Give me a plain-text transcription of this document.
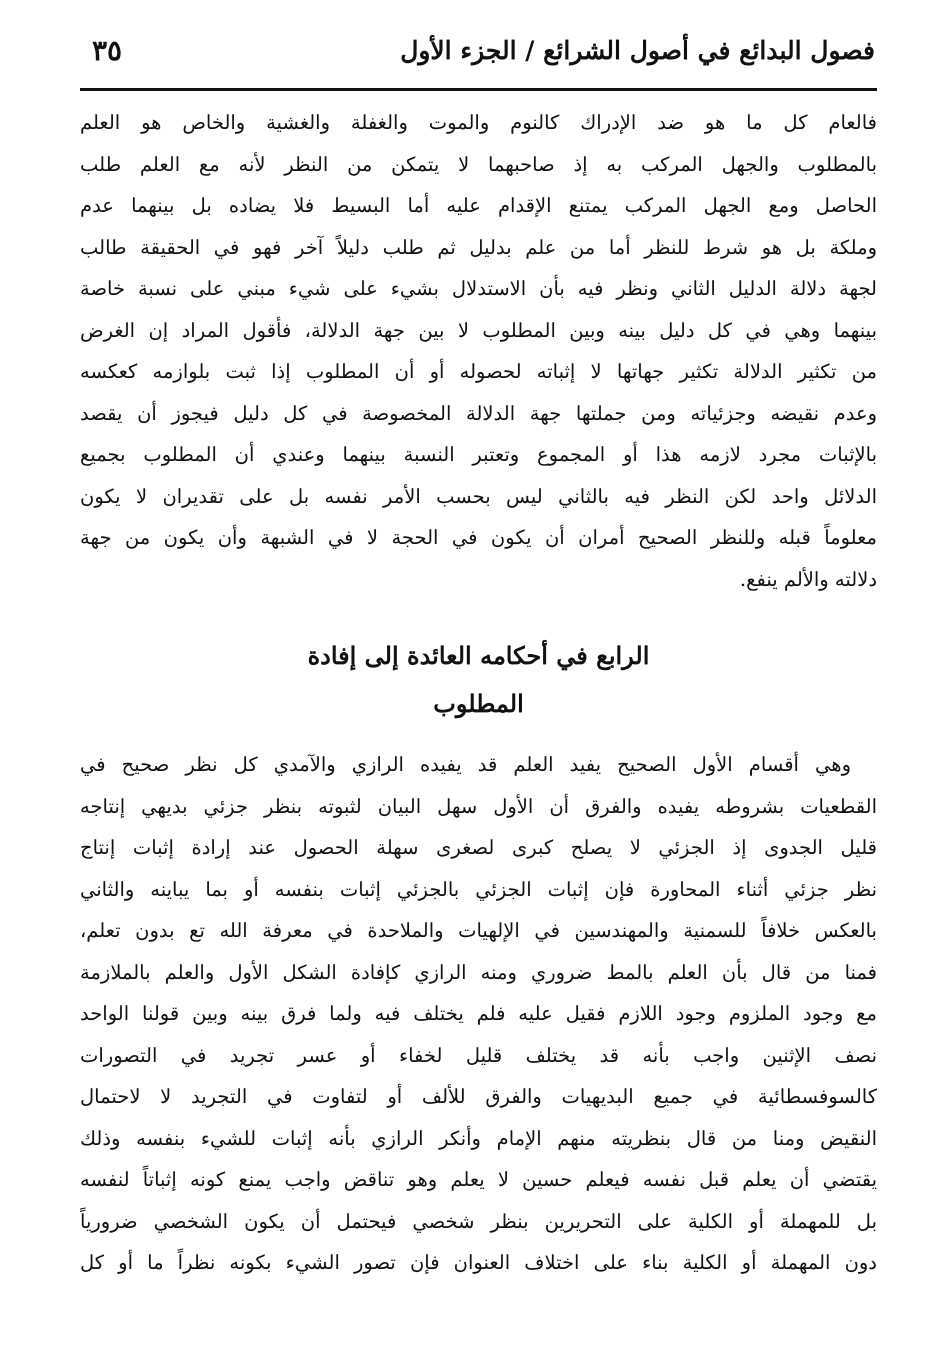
فصول البدائع في أصول الشرائع / الجزء الأول
٣٥
فالعام كل ما هو ضد الإدراك كالنوم والموت والغفلة والغشية والخاص هو العلم
بالمطلوب والجهل المركب به إذ صاحبهما لا يتمكن من النظر لأنه مع العلم طلب
الحاصل ومع الجهل المركب يمتنع الإقدام عليه أما البسيط فلا يضاده بل بينهما عدم
وملكة بل هو شرط للنظر أما من علم بدليل ثم طلب دليلاً آخر فهو في الحقيقة طالب
لجهة دلالة الدليل الثاني ونظر فيه بأن الاستدلال بشيء على شيء مبني على نسبة خاصة
بينهما وهي في كل دليل بينه وبين المطلوب لا بين جهة الدلالة، فأقول المراد إن الغرض
من تكثير الدلالة تكثير جهاتها لا إثباته لحصوله أو أن المطلوب إذا ثبت بلوازمه كعكسه
وعدم نقيضه وجزئياته ومن جملتها جهة الدلالة المخصوصة في كل دليل فيجوز أن يقصد
بالإثبات مجرد لازمه هذا أو المجموع وتعتبر النسبة بينهما وعندي أن المطلوب بجميع
الدلائل واحد لكن النظر فيه بالثاني ليس بحسب الأمر نفسه بل على تقديران لا يكون
معلوماً قبله وللنظر الصحيح أمران أن يكون في الحجة لا في الشبهة وأن يكون من جهة
دلالته والألم ينفع.
الرابع في أحكامه العائدة إلى إفادة
المطلوب
وهي أقسام الأول الصحيح يفيد العلم قد يفيده الرازي والآمدي كل نظر صحيح في
القطعيات بشروطه يفيده والفرق أن الأول سهل البيان لثبوته بنظر جزئي بديهي إنتاجه
قليل الجدوى إذ الجزئي لا يصلح كبرى لصغرى سهلة الحصول عند إرادة إثبات إنتاج
نظر جزئي أثناء المحاورة فإن إثبات الجزئي بالجزئي إثبات بنفسه أو بما يباينه والثاني
بالعكس خلافاً للسمنية والمهندسين في الإلهيات والملاحدة في معرفة الله تع بدون تعلم،
فمنا من قال بأن العلم بالمط ضروري ومنه الرازي كإفادة الشكل الأول والعلم بالملازمة
مع وجود الملزوم وجود اللازم فقيل عليه فلم يختلف فيه ولما فرق بينه وبين قولنا الواحد
نصف الإثنين واجب بأنه قد يختلف قليل لخفاء أو عسر تجريد في التصورات
كالسوفسطائية في جميع البديهيات والفرق للألف أو لتفاوت في التجريد لا لاحتمال
النقيض ومنا من قال بنظريته منهم الإمام وأنكر الرازي بأنه إثبات للشيء بنفسه وذلك
يقتضي أن يعلم قبل نفسه فيعلم حسين لا يعلم وهو تناقض واجب يمنع كونه إثباتاً لنفسه
بل للمهملة أو الكلية على التحريرين بنظر شخصي فيحتمل أن يكون الشخصي ضرورياً
دون المهملة أو الكلية بناء على اختلاف العنوان فإن تصور الشيء بكونه نظراً ما أو كل
